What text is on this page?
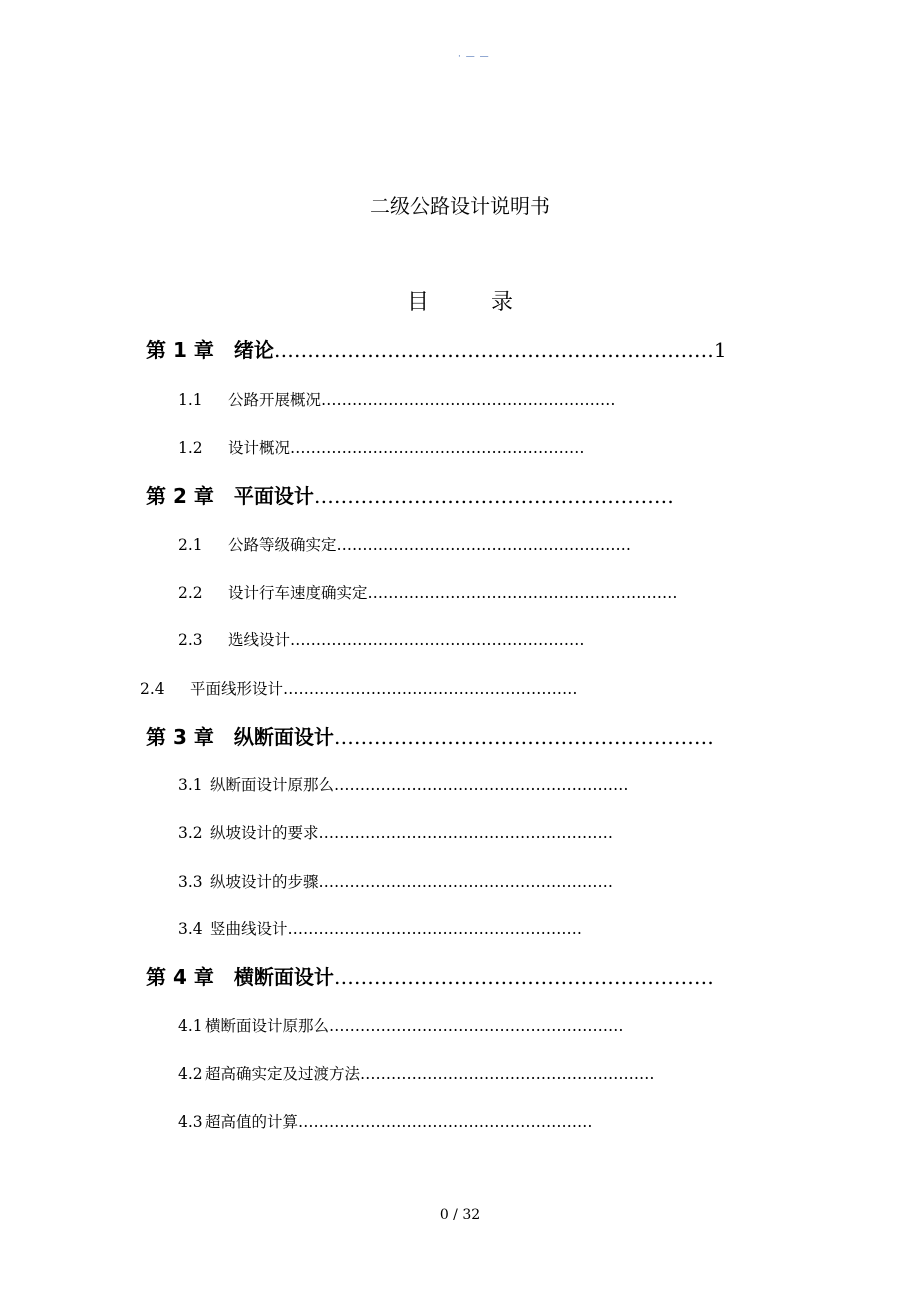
· — —
二级公路设计说明书
目	录
第 1 章　绪论…………………………………………………………1
1.1 公路开展概况…………………………………………………
1.2 设计概况…………………………………………………
第 2 章　平面设计………………………………………………
2.1 公路等级确实定…………………………………………………
2.2 设计行车速度确实定……………………………………………………
2.3 选线设计…………………………………………………
2.4 平面线形设计…………………………………………………
第 3 章　纵断面设计…………………………………………………
3.1 纵断面设计原那么…………………………………………………
3.2 纵坡设计的要求…………………………………………………
3.3 纵坡设计的步骤…………………………………………………
3.4 竖曲线设计…………………………………………………
第 4 章　横断面设计…………………………………………………
4.1 横断面设计原那么…………………………………………………
4.2 超高确实定及过渡方法…………………………………………………
4.3 超高值的计算…………………………………………………
0 / 32
